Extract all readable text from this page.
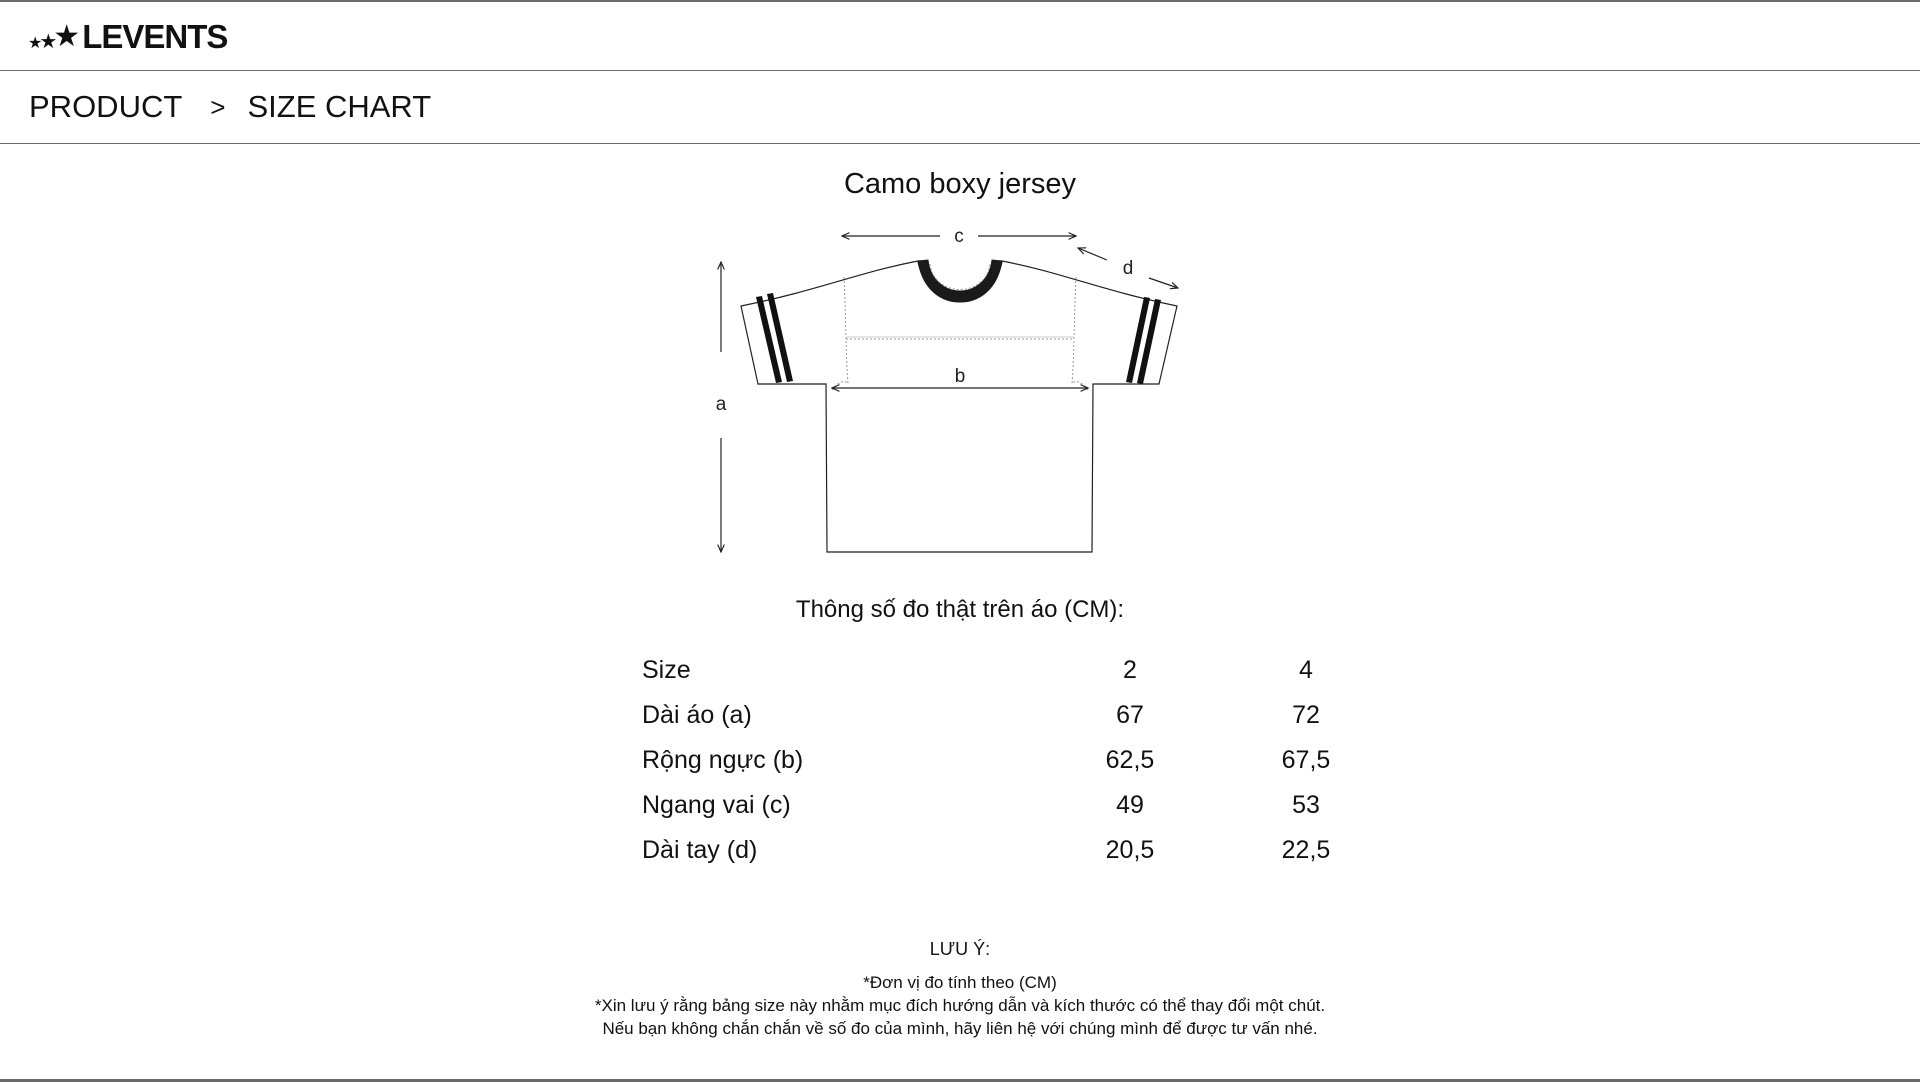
★
★
★ LEVENTS
PRODUCT > SIZE CHART
Camo boxy jersey
c
d
a
b
Thông số đo thật trên áo (CM):
Size	2	4
Dài áo (a)	67	72
Rộng ngực (b)	62,5	67,5
Ngang vai (c)	49	53
Dài tay (d)	20,5	22,5
LƯU Ý:
*Đơn vị đo tính theo (CM)
*Xin lưu ý rằng bảng size này nhằm mục đích hướng dẫn và kích thước có thể thay đổi một chút.
Nếu bạn không chắn chắn về số đo của mình, hãy liên hệ với chúng mình để được tư vấn nhé.
